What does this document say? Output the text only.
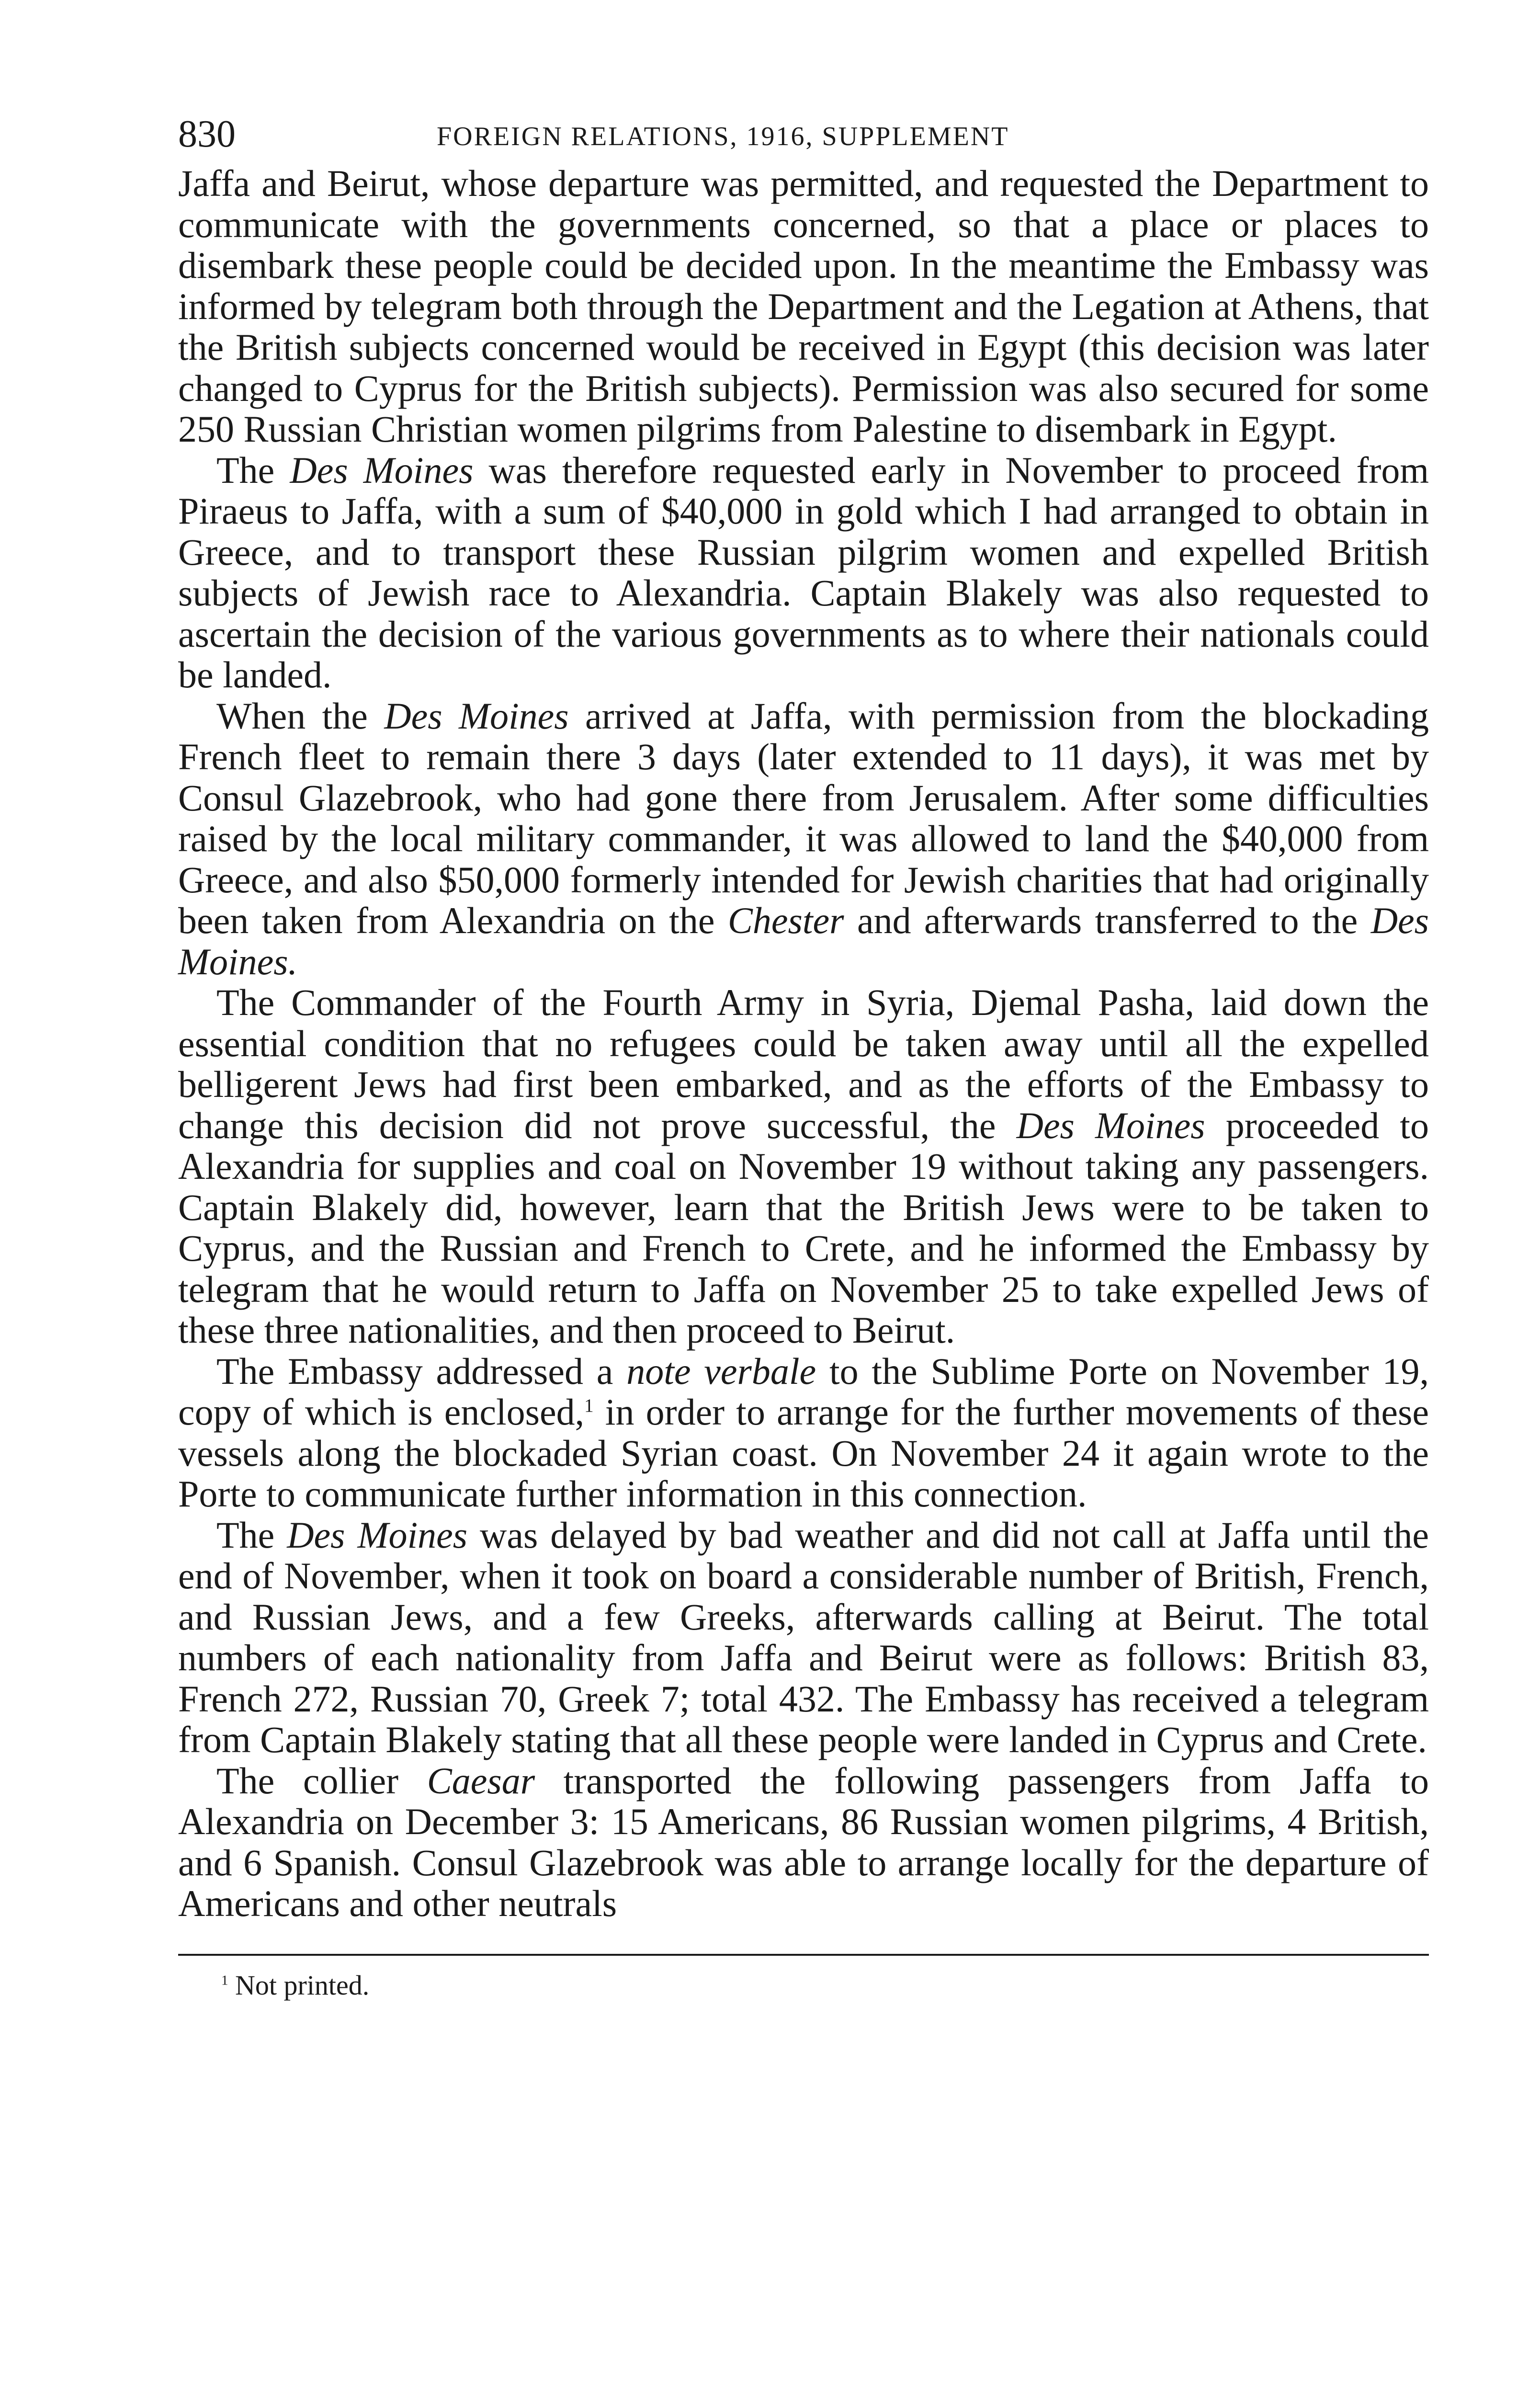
830	FOREIGN RELATIONS, 1916, SUPPLEMENT

Jaffa and Beirut, whose departure was permitted, and requested the Department to communicate with the governments concerned, so that a place or places to disembark these people could be decided upon. In the meantime the Embassy was informed by telegram both through the Department and the Legation at Athens, that the British subjects concerned would be received in Egypt (this decision was later changed to Cyprus for the British subjects). Permission was also secured for some 250 Russian Christian women pilgrims from Palestine to disembark in Egypt.

The Des Moines was therefore requested early in November to proceed from Piraeus to Jaffa, with a sum of $40,000 in gold which I had arranged to obtain in Greece, and to transport these Russian pilgrim women and expelled British subjects of Jewish race to Alexandria. Captain Blakely was also requested to ascertain the decision of the various governments as to where their nationals could be landed.

When the Des Moines arrived at Jaffa, with permission from the blockading French fleet to remain there 3 days (later extended to 11 days), it was met by Consul Glazebrook, who had gone there from Jerusalem. After some difficulties raised by the local military commander, it was allowed to land the $40,000 from Greece, and also $50,000 formerly intended for Jewish charities that had originally been taken from Alexandria on the Chester and afterwards transferred to the Des Moines.

The Commander of the Fourth Army in Syria, Djemal Pasha, laid down the essential condition that no refugees could be taken away until all the expelled belligerent Jews had first been embarked, and as the efforts of the Embassy to change this decision did not prove successful, the Des Moines proceeded to Alexandria for supplies and coal on November 19 without taking any passengers. Captain Blakely did, however, learn that the British Jews were to be taken to Cyprus, and the Russian and French to Crete, and he informed the Embassy by telegram that he would return to Jaffa on November 25 to take expelled Jews of these three nationalities, and then proceed to Beirut.

The Embassy addressed a note verbale to the Sublime Porte on November 19, copy of which is enclosed,$^1$ in order to arrange for the further movements of these vessels along the blockaded Syrian coast. On November 24 it again wrote to the Porte to communicate further information in this connection.

The Des Moines was delayed by bad weather and did not call at Jaffa until the end of November, when it took on board a considerable number of British, French, and Russian Jews, and a few Greeks, afterwards calling at Beirut. The total numbers of each nationality from Jaffa and Beirut were as follows: British 83, French 272, Russian 70, Greek 7; total 432. The Embassy has received a telegram from Captain Blakely stating that all these people were landed in Cyprus and Crete.

The collier Caesar transported the following passengers from Jaffa to Alexandria on December 3: 15 Americans, 86 Russian women pilgrims, 4 British, and 6 Spanish. Consul Glazebrook was able to arrange locally for the departure of Americans and other neutrals

$^1$ Not printed.
